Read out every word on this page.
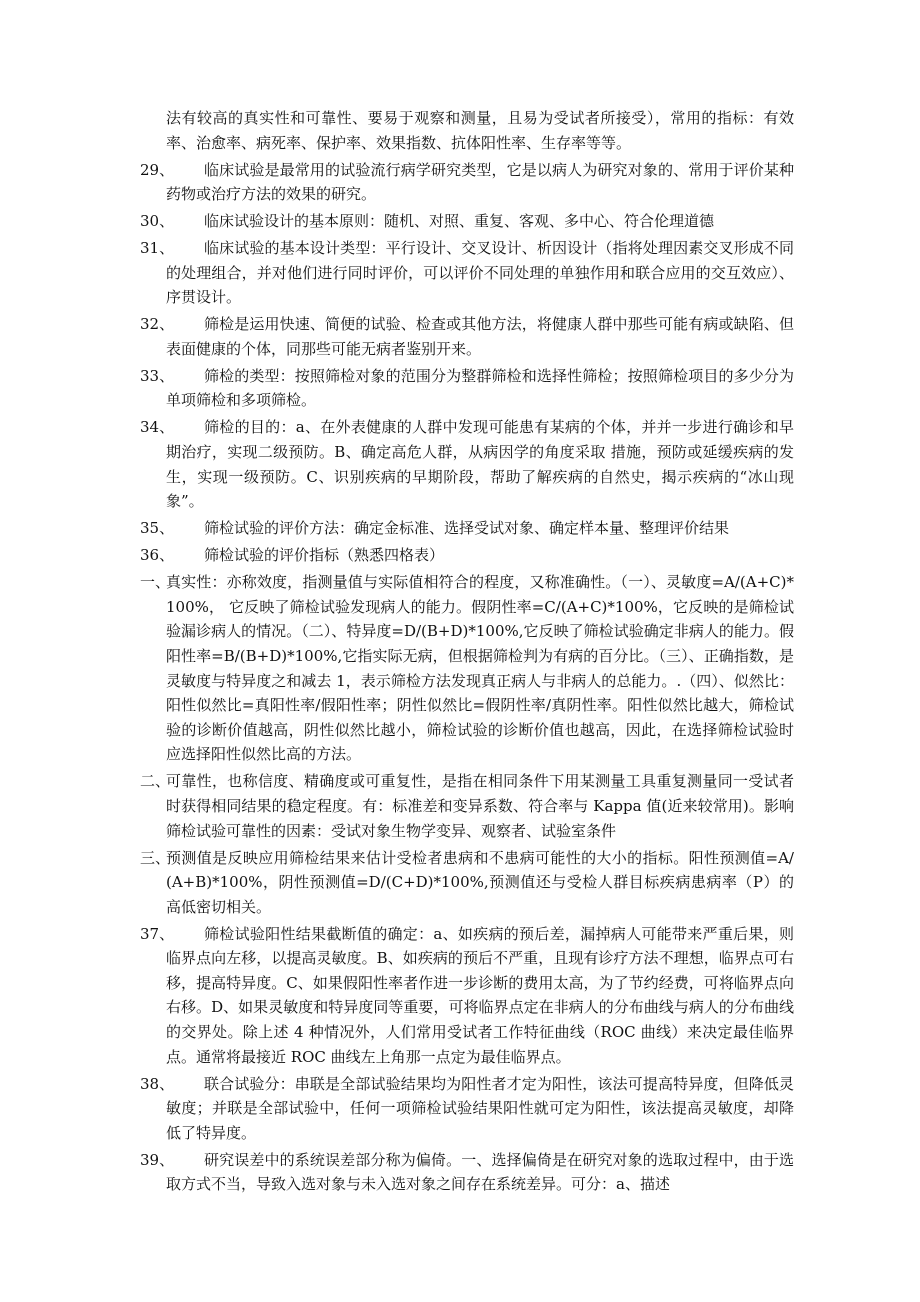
法有较高的真实性和可靠性、要易于观察和测量，且易为受试者所接受），常用的指标：有效率、治愈率、病死率、保护率、效果指数、抗体阳性率、生存率等等。
29、	临床试验是最常用的试验流行病学研究类型，它是以病人为研究对象的、常用于评价某种药物或治疗方法的效果的研究。
30、	临床试验设计的基本原则：随机、对照、重复、客观、多中心、符合伦理道德
31、	临床试验的基本设计类型：平行设计、交叉设计、析因设计（指将处理因素交叉形成不同的处理组合，并对他们进行同时评价，可以评价不同处理的单独作用和联合应用的交互效应）、序贯设计。
32、	筛检是运用快速、简便的试验、检查或其他方法，将健康人群中那些可能有病或缺陷、但表面健康的个体，同那些可能无病者鉴别开来。
33、	筛检的类型：按照筛检对象的范围分为整群筛检和选择性筛检；按照筛检项目的多少分为单项筛检和多项筛检。
34、	筛检的目的：a、在外表健康的人群中发现可能患有某病的个体，并并一步进行确诊和早期治疗，实现二级预防。B、确定高危人群，从病因学的角度采取 措施，预防或延缓疾病的发生，实现一级预防。C、识别疾病的早期阶段，帮助了解疾病的自然史，揭示疾病的“冰山现象”。
35、	筛检试验的评价方法：确定金标准、选择受试对象、确定样本量、整理评价结果
36、	筛检试验的评价指标（熟悉四格表）
一、
真实性：亦称效度，指测量值与实际值相符合的程度，又称准确性。（一）、灵敏度=A/(A+C)*100%， 它反映了筛检试验发现病人的能力。假阴性率=C/(A+C)*100%，它反映的是筛检试验漏诊病人的情况。（二）、特异度=D/(B+D)*100%,它反映了筛检试验确定非病人的能力。假阳性率=B/(B+D)*100%,它指实际无病，但根据筛检判为有病的百分比。（三）、正确指数，是灵敏度与特异度之和减去 1，表示筛检方法发现真正病人与非病人的总能力。.（四）、似然比：阳性似然比=真阳性率/假阳性率；阴性似然比=假阴性率/真阴性率。阳性似然比越大，筛检试验的诊断价值越高，阴性似然比越小，筛检试验的诊断价值也越高，因此，在选择筛检试验时应选择阳性似然比高的方法。
二、
可靠性，也称信度、精确度或可重复性，是指在相同条件下用某测量工具重复测量同一受试者时获得相同结果的稳定程度。有：标准差和变异系数、符合率与 Kappa 值(近来较常用)。影响筛检试验可靠性的因素：受试对象生物学变异、观察者、试验室条件
三、
预测值是反映应用筛检结果来估计受检者患病和不患病可能性的大小的指标。阳性预测值=A/(A+B)*100%，阴性预测值=D/(C+D)*100%,预测值还与受检人群目标疾病患病率（P）的高低密切相关。
37、	筛检试验阳性结果截断值的确定：a、如疾病的预后差，漏掉病人可能带来严重后果，则临界点向左移，以提高灵敏度。B、如疾病的预后不严重，且现有诊疗方法不理想，临界点可右移，提高特异度。C、如果假阳性率者作进一步诊断的费用太高，为了节约经费，可将临界点向右移。D、如果灵敏度和特异度同等重要，可将临界点定在非病人的分布曲线与病人的分布曲线的交界处。除上述 4 种情况外，人们常用受试者工作特征曲线（ROC 曲线）来决定最佳临界点。通常将最接近 ROC 曲线左上角那一点定为最佳临界点。
38、	联合试验分：串联是全部试验结果均为阳性者才定为阳性，该法可提高特异度，但降低灵敏度；并联是全部试验中，任何一项筛检试验结果阳性就可定为阳性，该法提高灵敏度，却降低了特异度。
39、	研究误差中的系统误差部分称为偏倚。一、选择偏倚是在研究对象的选取过程中，由于选取方式不当，导致入选对象与未入选对象之间存在系统差异。可分：a、描述
